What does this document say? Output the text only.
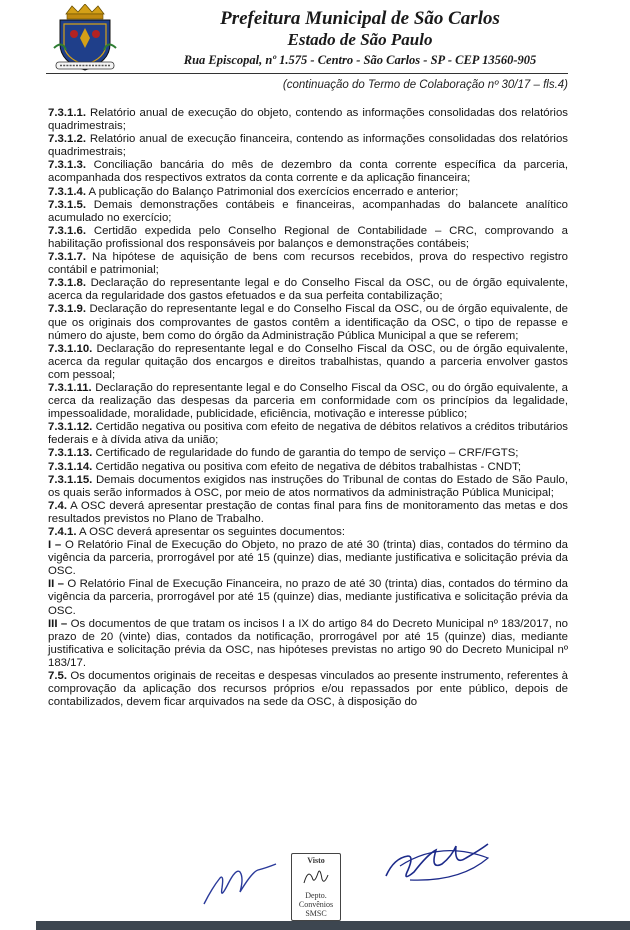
Prefeitura Municipal de São Carlos
Estado de São Paulo
Rua Episcopal, nº 1.575 - Centro - São Carlos - SP - CEP 13560-905
(continuação do Termo de Colaboração nº 30/17 – fls.4)

7.3.1.1. Relatório anual de execução do objeto, contendo as informações consolidadas dos relatórios quadrimestrais;

7.3.1.2. Relatório anual de execução financeira, contendo as informações consolidadas dos relatórios quadrimestrais;

7.3.1.3. Conciliação bancária do mês de dezembro da conta corrente específica da parceria, acompanhada dos respectivos extratos da conta corrente e da aplicação financeira;

7.3.1.4. A publicação do Balanço Patrimonial dos exercícios encerrado e anterior;

7.3.1.5. Demais demonstrações contábeis e financeiras, acompanhadas do balancete analítico acumulado no exercício;

7.3.1.6. Certidão expedida pelo Conselho Regional de Contabilidade – CRC, comprovando a habilitação profissional dos responsáveis por balanços e demonstrações contábeis;

7.3.1.7. Na hipótese de aquisição de bens com recursos recebidos, prova do respectivo registro contábil e patrimonial;

7.3.1.8. Declaração do representante legal e do Conselho Fiscal da OSC, ou de órgão equivalente, acerca da regularidade dos gastos efetuados e da sua perfeita contabilização;

7.3.1.9. Declaração do representante legal e do Conselho Fiscal da OSC, ou de órgão equivalente, de que os originais dos comprovantes de gastos contêm a identificação da OSC, o tipo de repasse e número do ajuste, bem como do órgão da Administração Pública Municipal a que se referem;

7.3.1.10. Declaração do representante legal e do Conselho Fiscal da OSC, ou de órgão equivalente, acerca da regular quitação dos encargos e direitos trabalhistas, quando a parceria envolver gastos com pessoal;

7.3.1.11. Declaração do representante legal e do Conselho Fiscal da OSC, ou do órgão equivalente, a cerca da realização das despesas da parceria em conformidade com os princípios da legalidade, impessoalidade, moralidade, publicidade, eficiência, motivação e interesse público;

7.3.1.12. Certidão negativa ou positiva com efeito de negativa de débitos relativos a créditos tributários federais e à dívida ativa da união;

7.3.1.13. Certificado de regularidade do fundo de garantia do tempo de serviço – CRF/FGTS;

7.3.1.14. Certidão negativa ou positiva com efeito de negativa de débitos trabalhistas - CNDT;

7.3.1.15. Demais documentos exigidos nas instruções do Tribunal de contas do Estado de São Paulo, os quais serão informados à OSC, por meio de atos normativos da administração Pública Municipal;

7.4. A OSC deverá apresentar prestação de contas final para fins de monitoramento das metas e dos resultados previstos no Plano de Trabalho.

7.4.1. A OSC deverá apresentar os seguintes documentos:

I – O Relatório Final de Execução do Objeto, no prazo de até 30 (trinta) dias, contados do término da vigência da parceria, prorrogável por até 15 (quinze) dias, mediante justificativa e solicitação prévia da OSC.

II – O Relatório Final de Execução Financeira, no prazo de até 30 (trinta) dias, contados do término da vigência da parceria, prorrogável por até 15 (quinze) dias, mediante justificativa e solicitação prévia da OSC.

III – Os documentos de que tratam os incisos I a IX do artigo 84 do Decreto Municipal nº 183/2017, no prazo de 20 (vinte) dias, contados da notificação, prorrogável por até 15 (quinze) dias, mediante justificativa e solicitação prévia da OSC, nas hipóteses previstas no artigo 90 do Decreto Municipal nº 183/17.

7.5. Os documentos originais de receitas e despesas vinculados ao presente instrumento, referentes à comprovação da aplicação dos recursos próprios e/ou repassados por ente público, depois de contabilizados, devem ficar arquivados na sede da OSC, à disposição do

Visto
Depto.
Convênios
SMSC
